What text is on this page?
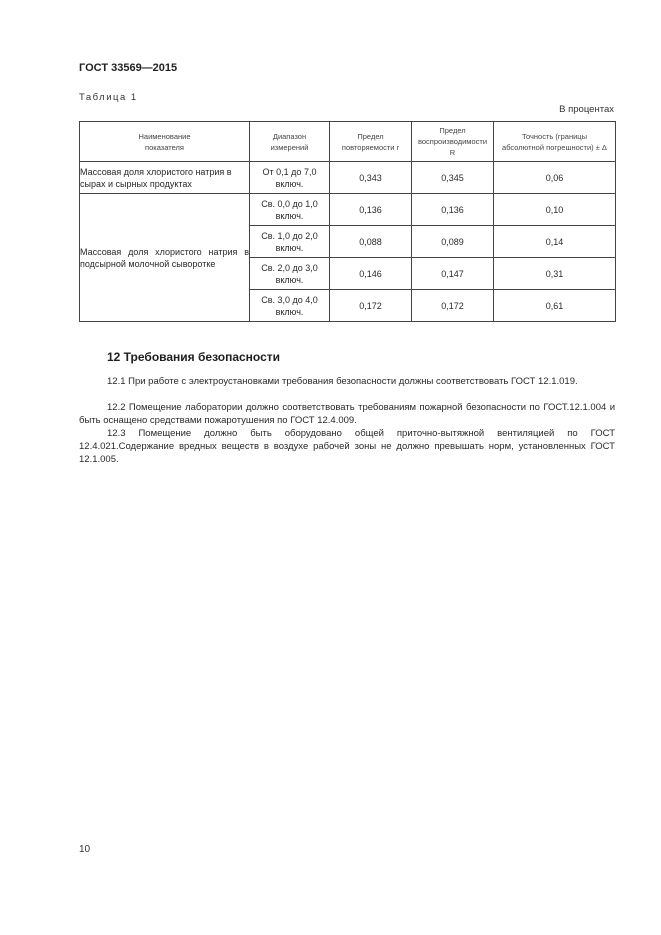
ГОСТ 33569—2015
Таблица 1
В процентах
Наименование показателя	Диапазон измерений	Предел повторяемости r	Предел воспроизводимости R	Точность (границы абсолютной погрешности) ± Δ
Массовая доля хлористого натрия в сырах и сырных продуктах	От 0,1 до 7,0 включ.	0,343	0,345	0,06
Массовая доля хлористого натрия в подсырной молочной сыворотке	Св. 0,0 до 1,0 включ.	0,136	0,136	0,10
	Св. 1,0 до 2,0 включ.	0,088	0,089	0,14
	Св. 2,0 до 3,0 включ.	0,146	0,147	0,31
	Св. 3,0 до 4,0 включ.	0,172	0,172	0,61
12 Требования безопасности

12.1 При работе с электроустановками требования безопасности должны соответствовать ГОСТ 12.1.019.

12.2 Помещение лаборатории должно соответствовать требованиям пожарной безопасности по ГОСТ.12.1.004 и быть оснащено средствами пожаротушения по ГОСТ 12.4.009.

12.3 Помещение должно быть оборудовано общей приточно-вытяжной вентиляцией по ГОСТ 12.4.021.Содержание вредных веществ в воздухе рабочей зоны не должно превышать норм, установленных ГОСТ 12.1.005.

10
